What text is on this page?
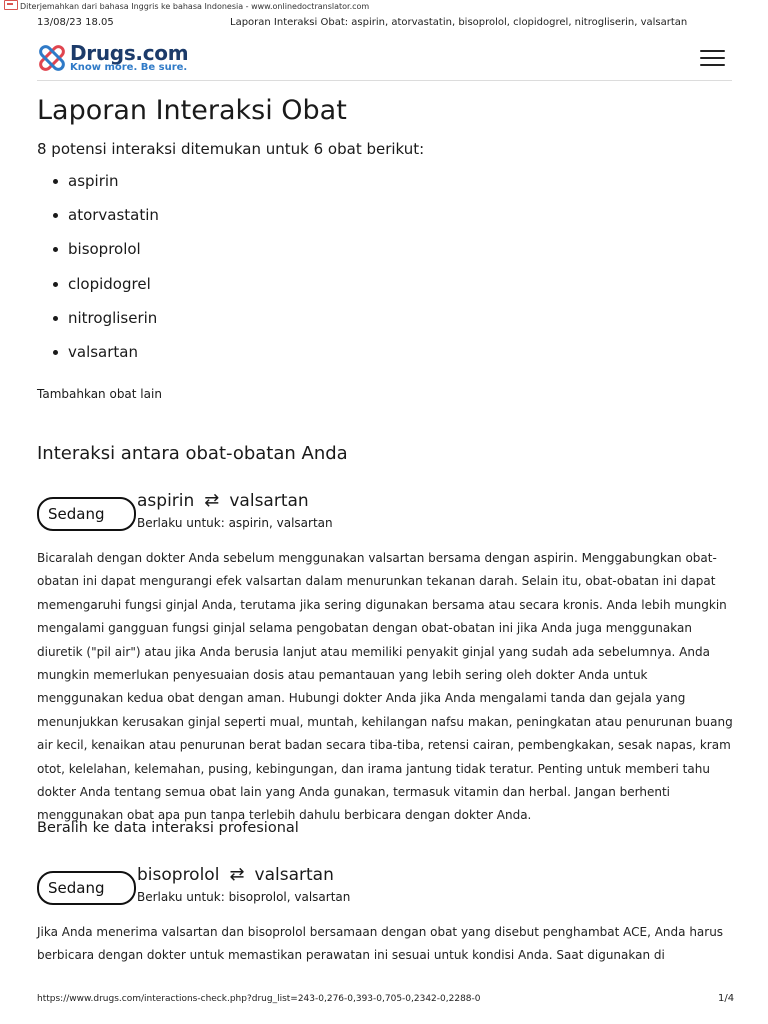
Diterjemahkan dari bahasa Inggris ke bahasa Indonesia - www.onlinedoctranslator.com
13/08/23 18.05	Laporan Interaksi Obat: aspirin, atorvastatin, bisoprolol, clopidogrel, nitrogliserin, valsartan
Drugs.com
Know more. Be sure.
Laporan Interaksi Obat
8 potensi interaksi ditemukan untuk 6 obat berikut:
aspirin
atorvastatin
bisoprolol
clopidogrel
nitrogliserin
valsartan
Tambahkan obat lain
Interaksi antara obat-obatan Anda
Sedang
aspirin ⇄ valsartan
Berlaku untuk: aspirin, valsartan
Bicaralah dengan dokter Anda sebelum menggunakan valsartan bersama dengan aspirin. Menggabungkan obat-obatan ini dapat mengurangi efek valsartan dalam menurunkan tekanan darah. Selain itu, obat-obatan ini dapat memengaruhi fungsi ginjal Anda, terutama jika sering digunakan bersama atau secara kronis. Anda lebih mungkin mengalami gangguan fungsi ginjal selama pengobatan dengan obat-obatan ini jika Anda juga menggunakan diuretik ("pil air") atau jika Anda berusia lanjut atau memiliki penyakit ginjal yang sudah ada sebelumnya. Anda mungkin memerlukan penyesuaian dosis atau pemantauan yang lebih sering oleh dokter Anda untuk menggunakan kedua obat dengan aman. Hubungi dokter Anda jika Anda mengalami tanda dan gejala yang menunjukkan kerusakan ginjal seperti mual, muntah, kehilangan nafsu makan, peningkatan atau penurunan buang air kecil, kenaikan atau penurunan berat badan secara tiba-tiba, retensi cairan, pembengkakan, sesak napas, kram otot, kelelahan, kelemahan, pusing, kebingungan, dan irama jantung tidak teratur. Penting untuk memberi tahu dokter Anda tentang semua obat lain yang Anda gunakan, termasuk vitamin dan herbal. Jangan berhenti menggunakan obat apa pun tanpa terlebih dahulu berbicara dengan dokter Anda.
Beralih ke data interaksi profesional
Sedang
bisoprolol ⇄ valsartan
Berlaku untuk: bisoprolol, valsartan
Jika Anda menerima valsartan dan bisoprolol bersamaan dengan obat yang disebut penghambat ACE, Anda harus berbicara dengan dokter untuk memastikan perawatan ini sesuai untuk kondisi Anda. Saat digunakan di
https://www.drugs.com/interactions-check.php?drug_list=243-0,276-0,393-0,705-0,2342-0,2288-0	1/4
